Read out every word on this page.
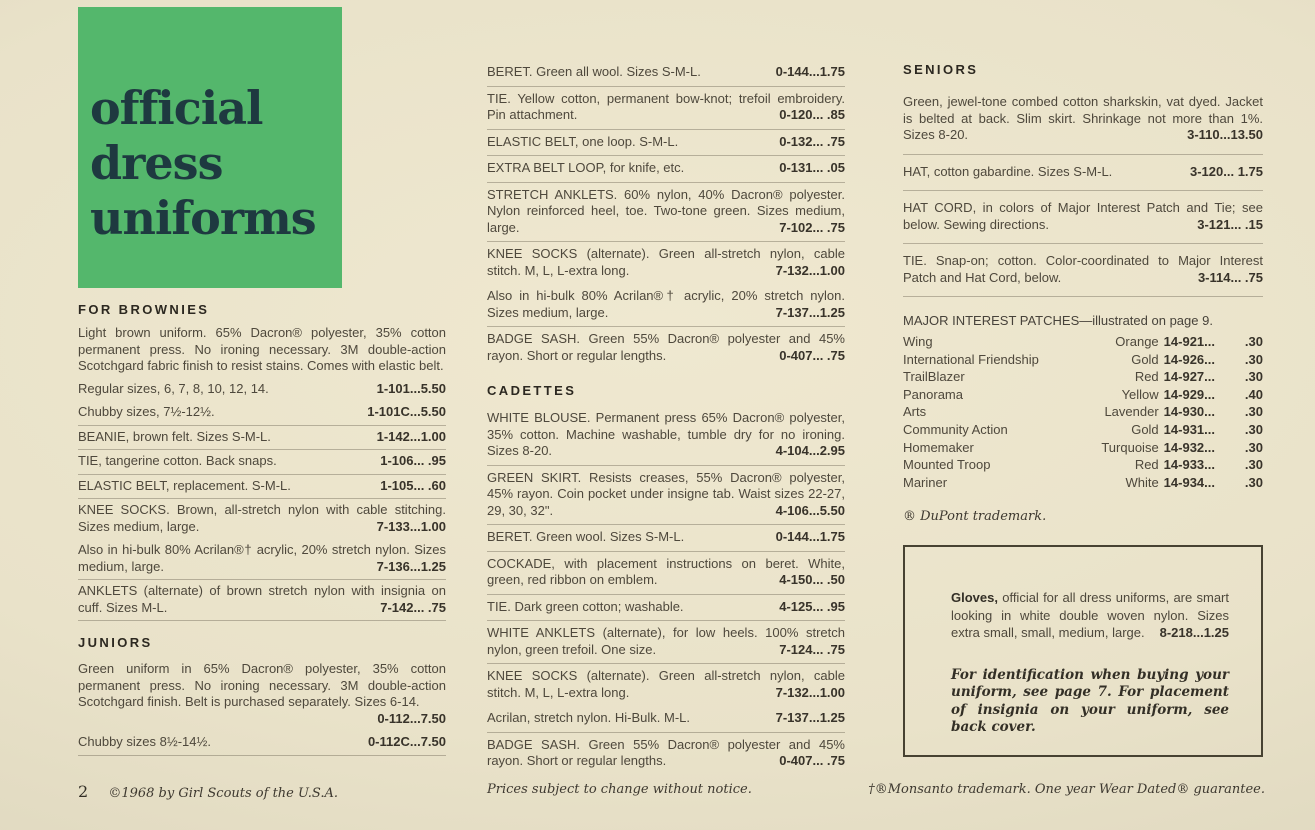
official
dress
uniforms
FOR BROWNIES

Light brown uniform. 65% Dacron® polyester, 35% cotton permanent press. No ironing necessary. 3M double-action Scotchgard fabric finish to resist stains. Comes with elastic belt.

Regular sizes, 6, 7, 8, 10, 12, 14.	1-101...5.50
Chubby sizes, 7½-12½.	1-101C...5.50
BEANIE, brown felt. Sizes S-M-L.	1-142...1.00
TIE, tangerine cotton. Back snaps.	1-106... .95
ELASTIC BELT, replacement. S-M-L.	1-105... .60
KNEE SOCKS. Brown, all-stretch nylon with cable stitching. Sizes medium, large.	7-133...1.00
Also in hi-bulk 80% Acrilan®† acrylic, 20% stretch nylon. Sizes medium, large.	7-136...1.25
ANKLETS (alternate) of brown stretch nylon with insignia on cuff. Sizes M-L.	7-142... .75
JUNIORS
Green uniform in 65% Dacron® polyester, 35% cotton permanent press. No ironing necessary. 3M double-action Scotchgard finish. Belt is purchased separately. Sizes 6-14.
0-112...7.50
Chubby sizes 8½-14½.	0-112C...7.50
BERET. Green all wool. Sizes S-M-L.	0-144...1.75
TIE. Yellow cotton, permanent bow-knot; trefoil embroidery. Pin attachment.	0-120... .85
ELASTIC BELT, one loop. S-M-L.	0-132... .75
EXTRA BELT LOOP, for knife, etc.	0-131... .05
STRETCH ANKLETS. 60% nylon, 40% Dacron® polyester. Nylon reinforced heel, toe. Two-tone green. Sizes medium, large.	7-102... .75
KNEE SOCKS (alternate). Green all-stretch nylon, cable stitch. M, L, L-extra long.	7-132...1.00
Also in hi-bulk 80% Acrilan®† acrylic, 20% stretch nylon. Sizes medium, large.	7-137...1.25
BADGE SASH. Green 55% Dacron® polyester and 45% rayon. Short or regular lengths.	0-407... .75
CADETTES
WHITE BLOUSE. Permanent press 65% Dacron® polyester, 35% cotton. Machine washable, tumble dry for no ironing. Sizes 8-20.	4-104...2.95
GREEN SKIRT. Resists creases, 55% Dacron® polyester, 45% rayon. Coin pocket under insigne tab. Waist sizes 22-27, 29, 30, 32".	4-106...5.50
BERET. Green wool. Sizes S-M-L.	0-144...1.75
COCKADE, with placement instructions on beret. White, green, red ribbon on emblem.	4-150... .50
TIE. Dark green cotton; washable.	4-125... .95
WHITE ANKLETS (alternate), for low heels. 100% stretch nylon, green trefoil. One size.	7-124... .75
KNEE SOCKS (alternate). Green all-stretch nylon, cable stitch. M, L, L-extra long.	7-132...1.00
Acrilan, stretch nylon. Hi-Bulk. M-L.	7-137...1.25
BADGE SASH. Green 55% Dacron® polyester and 45% rayon. Short or regular lengths.	0-407... .75
SENIORS
Green, jewel-tone combed cotton sharkskin, vat dyed. Jacket is belted at back. Slim skirt. Shrinkage not more than 1%. Sizes 8-20.	3-110...13.50
HAT, cotton gabardine. Sizes S-M-L.	3-120... 1.75
HAT CORD, in colors of Major Interest Patch and Tie; see below. Sewing directions.	3-121... .15
TIE. Snap-on; cotton. Color-coordinated to Major Interest Patch and Hat Cord, below.	3-114... .75
MAJOR INTEREST PATCHES—illustrated on page 9.
Wing	Orange 14-921...	.30
International Friendship	Gold 14-926...	.30
TrailBlazer	Red 14-927...	.30
Panorama	Yellow 14-929...	.40
Arts	Lavender 14-930...	.30
Community Action	Gold 14-931...	.30
Homemaker	Turquoise 14-932...	.30
Mounted Troop	Red 14-933...	.30
Mariner	White 14-934...	.30
® DuPont trademark.

Gloves, official for all dress uniforms, are smart looking in white double woven nylon. Sizes extra small, small, medium, large. 8-218...1.25

For identification when buying your uniform, see page 7. For placement of insignia on your uniform, see back cover.

2 ©1968 by Girl Scouts of the U.S.A.	Prices subject to change without notice.	†®Monsanto trademark. One year Wear Dated® guarantee.
